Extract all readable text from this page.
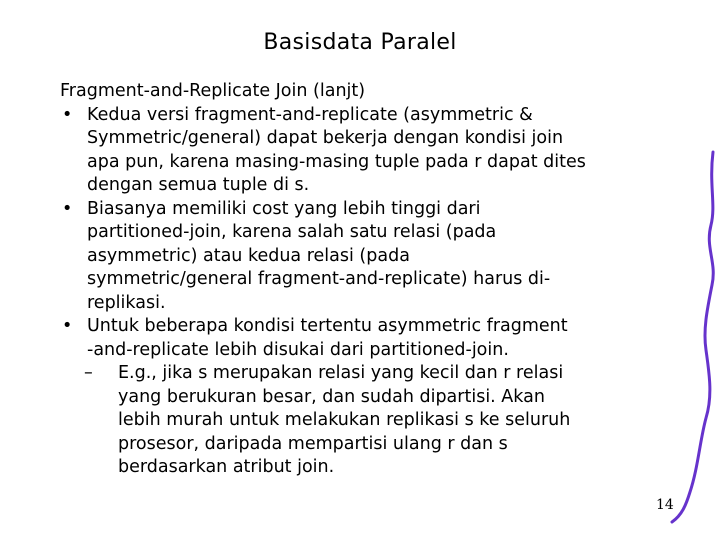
Basisdata Paralel

Fragment-and-Replicate Join (lanjt)

• Kedua versi fragment-and-replicate (asymmetric &
Symmetric/general) dapat bekerja dengan kondisi join
apa pun, karena masing-masing tuple pada r dapat dites
dengan semua tuple di s.
• Biasanya memiliki cost yang lebih tinggi dari
partitioned-join, karena salah satu relasi (pada
asymmetric) atau kedua relasi (pada
symmetric/general fragment-and-replicate) harus di-
replikasi.
• Untuk beberapa kondisi tertentu asymmetric fragment
-and-replicate lebih disukai dari partitioned-join.
– E.g., jika s merupakan relasi yang kecil dan r relasi
yang berukuran besar, dan sudah dipartisi. Akan
lebih murah untuk melakukan replikasi s ke seluruh
prosesor, daripada mempartisi ulang r dan s
berdasarkan atribut join.
14
